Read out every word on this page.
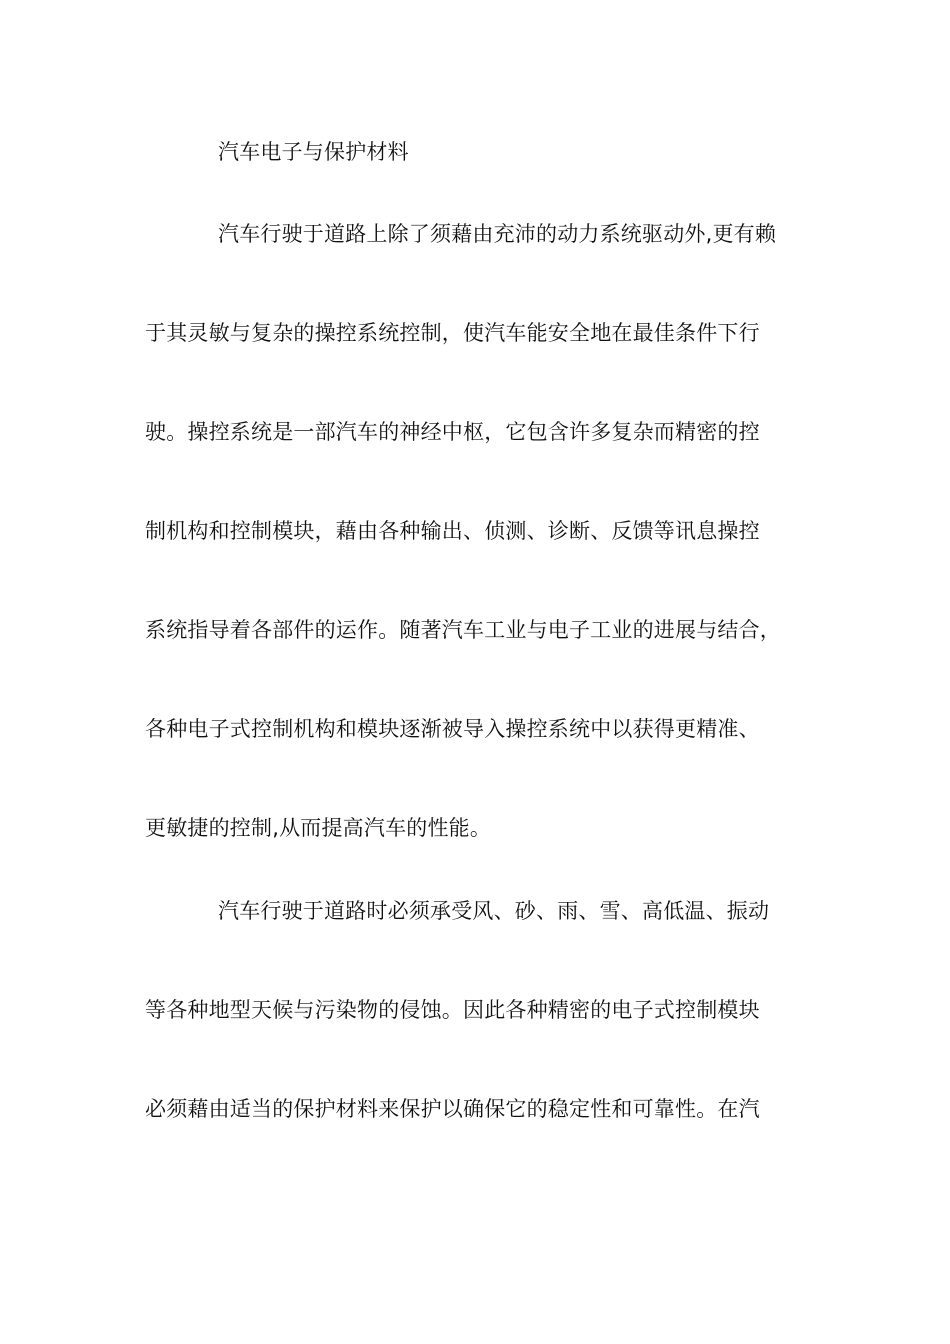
汽车电子与保护材料
汽车行驶于道路上除了须藉由充沛的动力系统驱动外,更有赖
于其灵敏与复杂的操控系统控制，使汽车能安全地在最佳条件下行
驶。操控系统是一部汽车的神经中枢，它包含许多复杂而精密的控
制机构和控制模块，藉由各种输出、侦测、诊断、反馈等讯息操控
系统指导着各部件的运作。随著汽车工业与电子工业的进展与结合，
各种电子式控制机构和模块逐渐被导入操控系统中以获得更精准、
更敏捷的控制,从而提高汽车的性能。
汽车行驶于道路时必须承受风、砂、雨、雪、高低温、振动
等各种地型天候与污染物的侵蚀。因此各种精密的电子式控制模块
必须藉由适当的保护材料来保护以确保它的稳定性和可靠性。在汽
